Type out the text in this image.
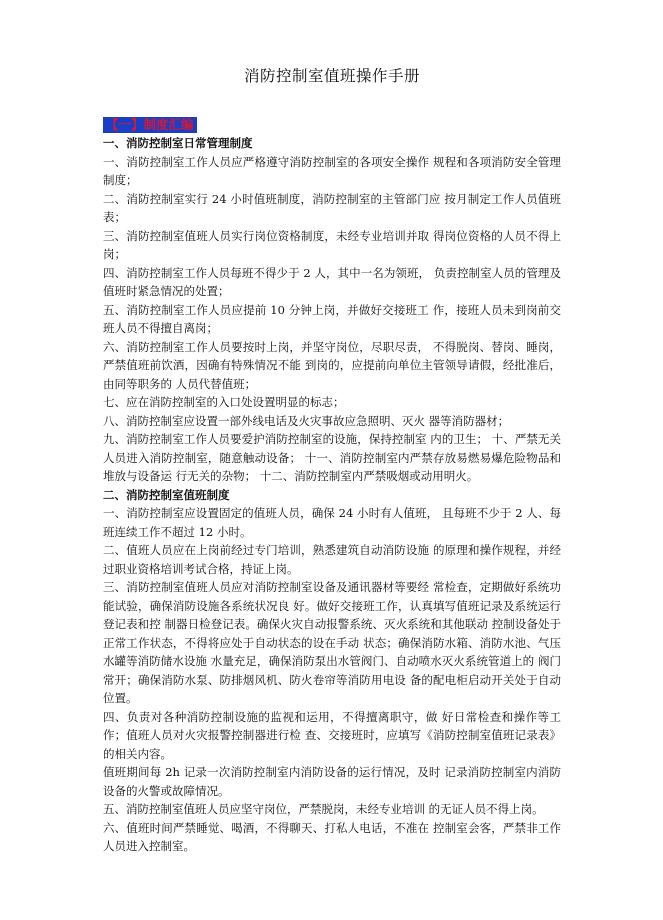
消防控制室值班操作手册
【一】制度汇编
一、消防控制室日常管理制度
一、消防控制室工作人员应严格遵守消防控制室的各项安全操作 规程和各项消防安全管理制度；
二、消防控制室实行 24 小时值班制度，消防控制室的主管部门应 按月制定工作人员值班表；
三、消防控制室值班人员实行岗位资格制度，未经专业培训并取 得岗位资格的人员不得上岗；
四、消防控制室工作人员每班不得少于 2 人，其中一名为领班， 负责控制室人员的管理及值班时紧急情况的处置；
五、消防控制室工作人员应提前 10 分钟上岗，并做好交接班工 作，接班人员未到岗前交班人员不得擅自离岗；
六、消防控制室工作人员要按时上岗，并坚守岗位，尽职尽责， 不得脱岗、替岗、睡岗，严禁值班前饮酒，因确有特殊情况不能 到岗的，应提前向单位主管领导请假，经批准后，由同等职务的 人员代替值班；
七、应在消防控制室的入口处设置明显的标志；
八、消防控制室应设置一部外线电话及火灾事故应急照明、灭火 器等消防器材；
九、消防控制室工作人员要爱护消防控制室的设施，保持控制室 内的卫生； 十、严禁无关人员进入消防控制室，随意触动设备； 十一、消防控制室内严禁存放易燃易爆危险物品和堆放与设备运 行无关的杂物； 十二、消防控制室内严禁吸烟或动用明火。
二、消防控制室值班制度
一、消防控制室应设置固定的值班人员，确保 24 小时有人值班， 且每班不少于 2 人、每班连续工作不超过 12 小时。
二、值班人员应在上岗前经过专门培训，熟悉建筑自动消防设施 的原理和操作规程，并经过职业资格培训考试合格，持证上岗。
三、消防控制室值班人员应对消防控制室设备及通讯器材等要经 常检查，定期做好系统功能试验，确保消防设施各系统状况良 好。做好交接班工作，认真填写值班记录及系统运行登记表和控 制器日检登记表。确保火灾自动报警系统、灭火系统和其他联动 控制设备处于正常工作状态，不得将应处于自动状态的设在手动 状态；确保消防水箱、消防水池、气压水罐等消防储水设施 水量充足，确保消防泵出水管阀门、自动喷水灭火系统管道上的 阀门常开；确保消防水泵、防排烟风机、防火卷帘等消防用电设 备的配电柜启动开关处于自动位置。
四、负责对各种消防控制设施的监视和运用，不得擅离职守，做 好日常检查和操作等工作；值班人员对火灾报警控制器进行检 查、交接班时，应填写《消防控制室值班记录表》的相关内容。
值班期间每 2h 记录一次消防控制室内消防设备的运行情况，及时 记录消防控制室内消防设备的火警或故障情况。
五、消防控制室值班人员应坚守岗位，严禁脱岗，未经专业培训 的无证人员不得上岗。
六、值班时间严禁睡觉、喝酒，不得聊天、打私人电话，不准在 控制室会客，严禁非工作人员进入控制室。
